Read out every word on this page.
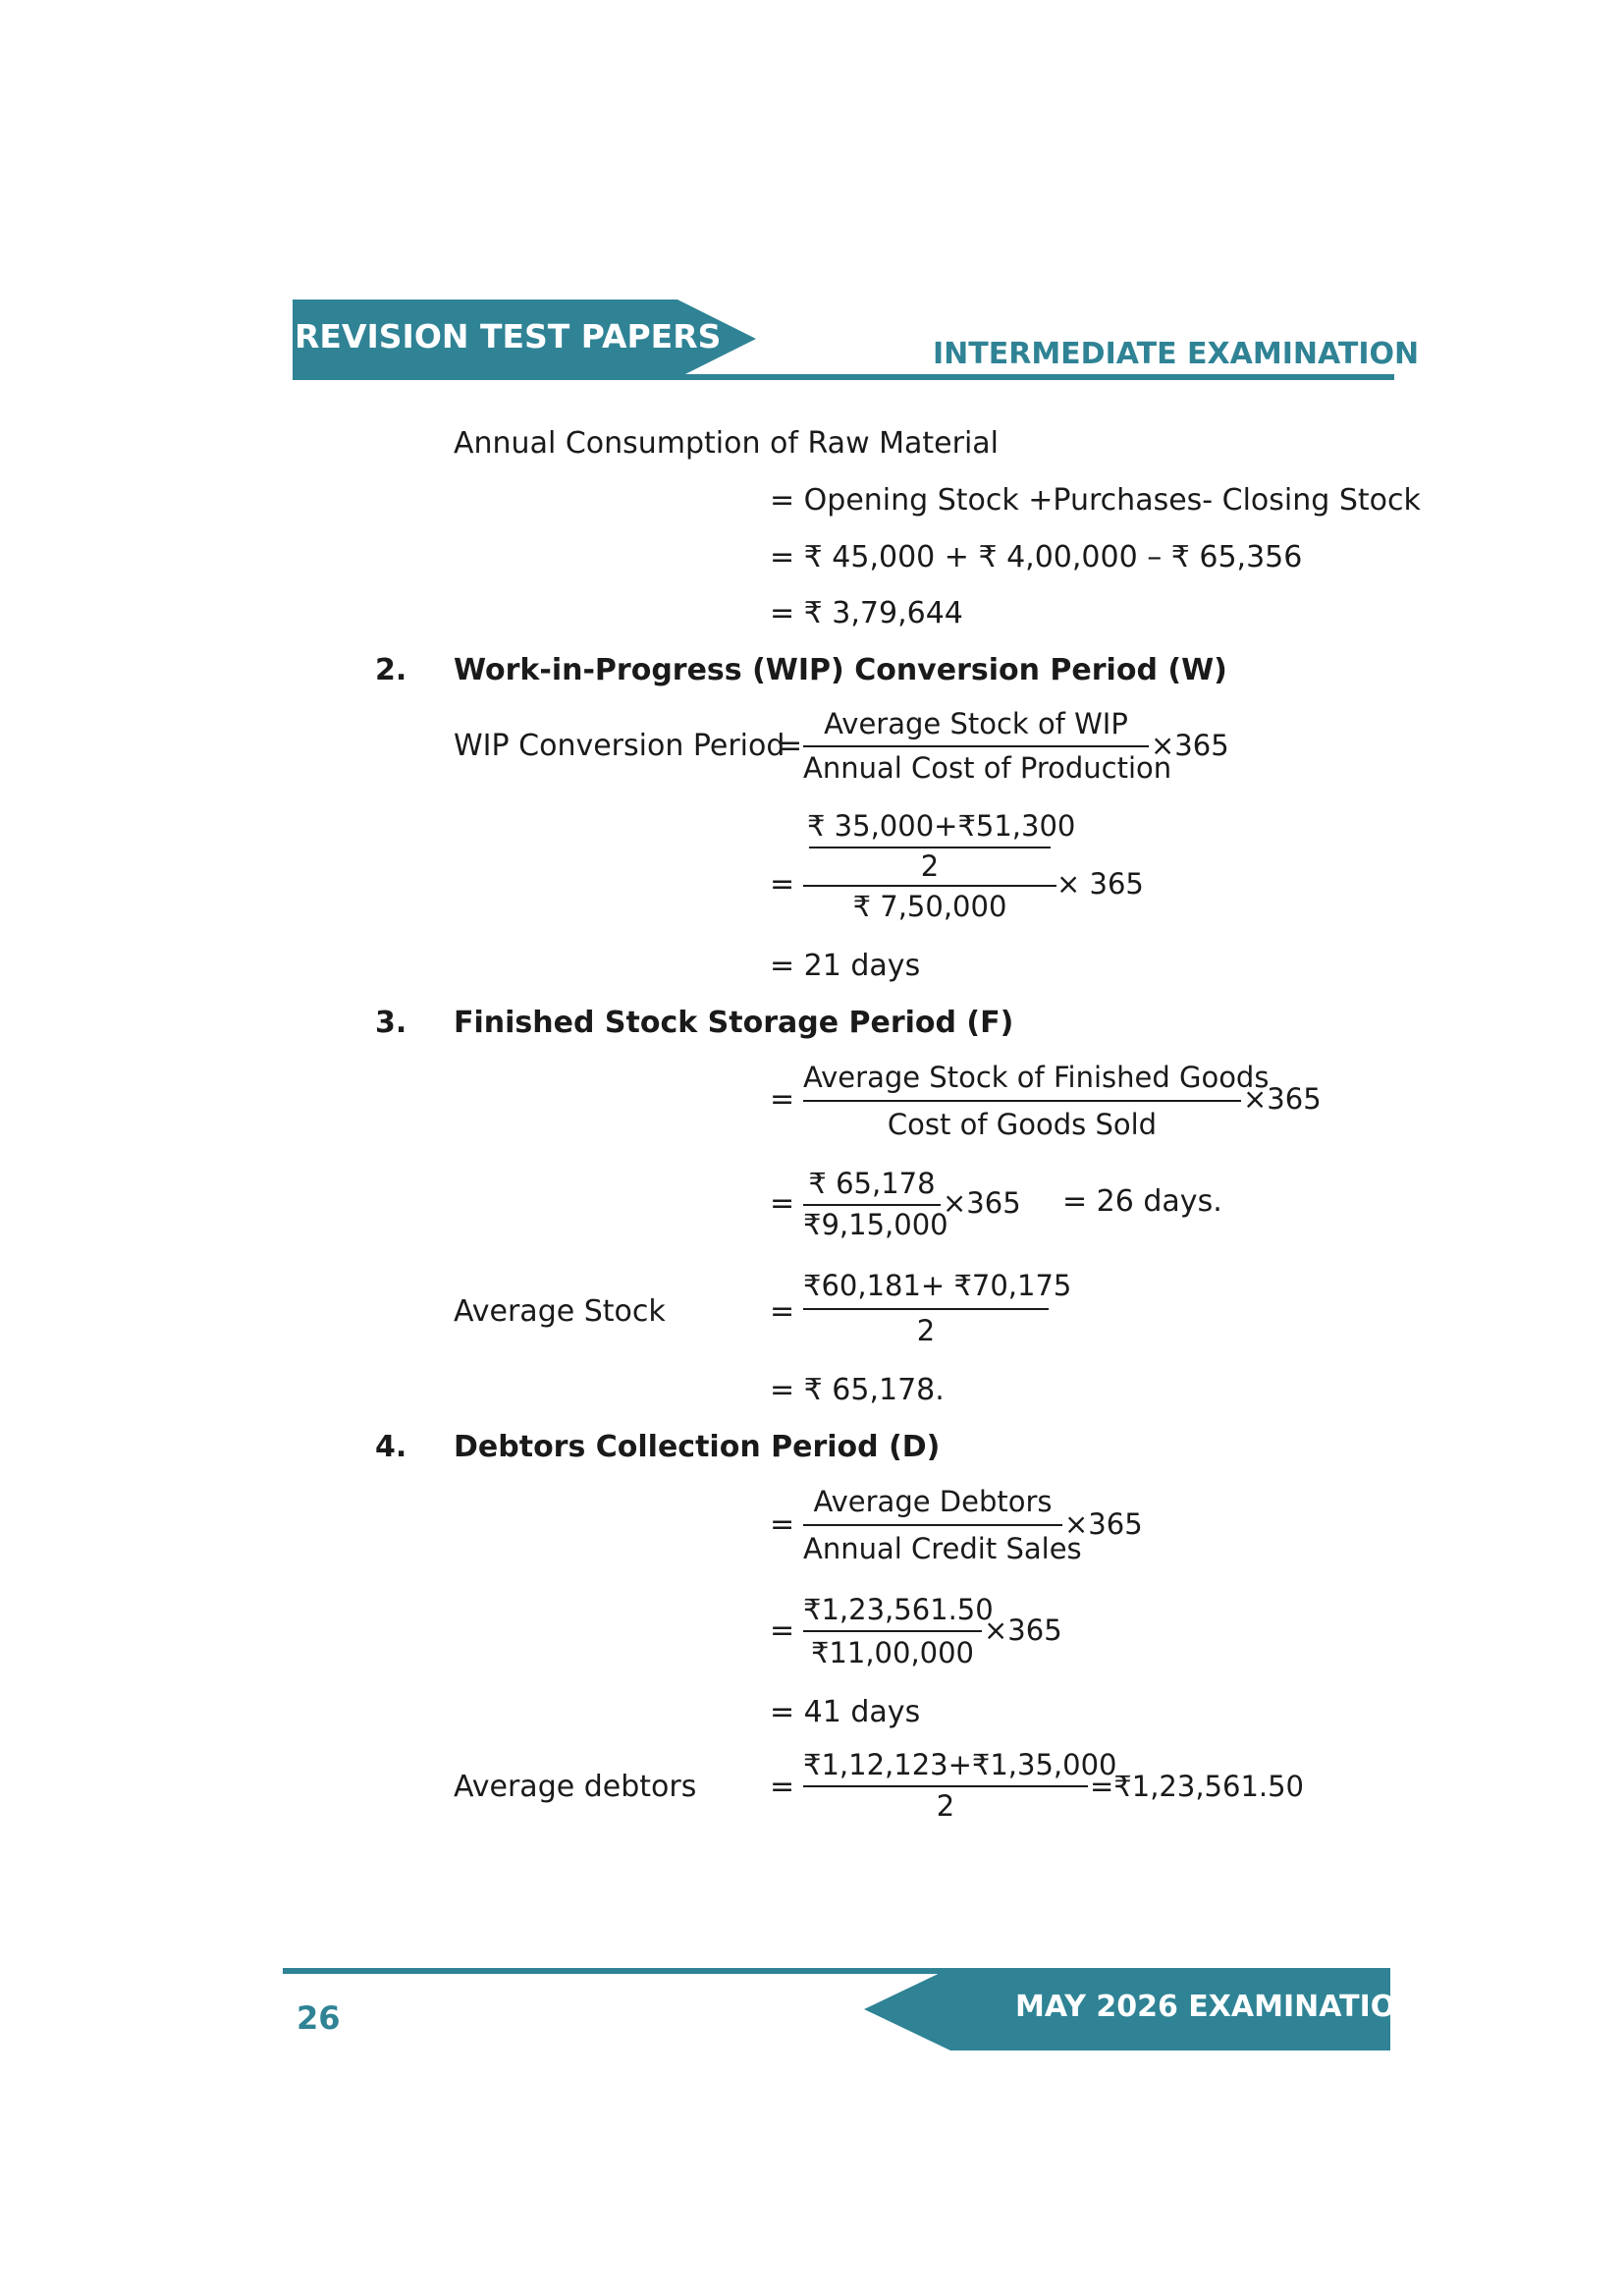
REVISION TEST PAPERS	INTERMEDIATE EXAMINATION
Annual Consumption of Raw Material
= Opening Stock +Purchases- Closing Stock
= ₹ 45,000 + ₹ 4,00,000 – ₹ 65,356
= ₹ 3,79,644
2. Work-in-Progress (WIP) Conversion Period (W)
WIP Conversion Period
=
Average Stock of WIP
Annual Cost of Production
×365
=
₹ 35,000+₹51,300
2
₹ 7,50,000
× 365
= 21 days
3. Finished Stock Storage Period (F)
=
Average Stock of Finished Goods
Cost of Goods Sold
×365
=
₹ 65,178
₹9,15,000
×365 = 26 days.
Average Stock	=
₹60,181+ ₹70,175
2
= ₹ 65,178.
4. Debtors Collection Period (D)
=
Average Debtors
Annual Credit Sales
×365
=
₹1,23,561.50
₹11,00,000
×365
= 41 days
Average debtors =
₹1,12,123+₹1,35,000
2
=₹1,23,561.50
MAY 2026 EXAMINATION
26
